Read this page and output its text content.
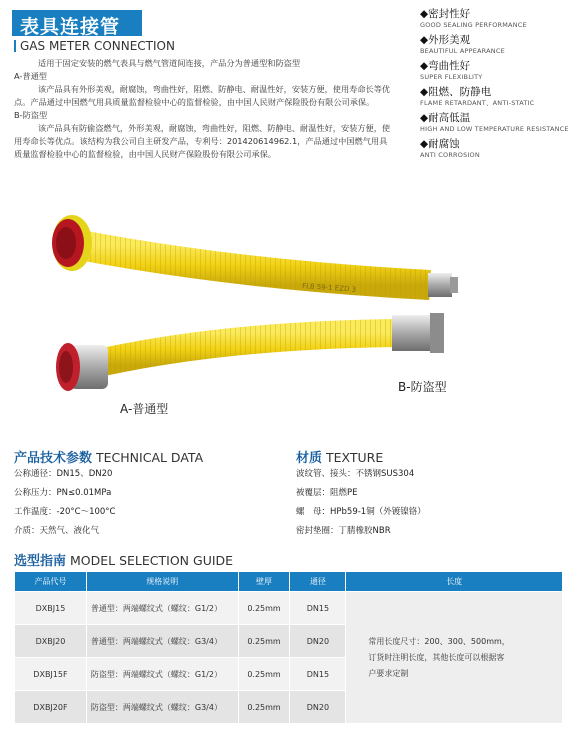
表具连接管
GAS METER CONNECTION

适用于固定安装的燃气表具与燃气管道间连接，产品分为普通型和防盗型

A-普通型

该产品具有外形美观，耐腐蚀，弯曲性好，阻燃、防静电、耐温性好，安装方便，使用寿命长等优点。产品通过中国燃气用具质量监督检验中心的监督检验，由中国人民财产保险股份有限公司承保。

B-防盗型

该产品具有防偷盗燃气，外形美观，耐腐蚀，弯曲性好，阻燃、防静电、耐温性好，安装方便，使用寿命长等优点。该结构为我公司自主研发产品，专利号：201420614962.1，产品通过中国燃气用具质量监督检验中心的监督检验，由中国人民财产保险股份有限公司承保。

◆密封性好
GOOD SEALING PERFORMANCE
◆外形美观
BEAUTIFUL APPEARANCE
◆弯曲性好
SUPER FLEXIBLITY
◆阻燃、防静电
FLAME RETARDANT、ANTI-STATIC
◆耐高低温
HIGH AND LOW TEMPERATURE RESISTANCE
◆耐腐蚀
ANTI CORROSION
FL8 59-1 EZD 3
A-普通型
B-防盗型
产品技术参数 TECHNICAL DATA
公称通径：DN15、DN20
公称压力：PN≤0.01MPa
工作温度：-20°C～100°C
介质：天然气、液化气
材质 TEXTURE
波纹管、接头：不锈钢SUS304
被覆层：阻燃PE
螺　母：HPb59-1铜（外镀镍铬）
密封垫圈：丁腈橡胶NBR
选型指南 MODEL SELECTION GUIDE
产品代号	规格说明	壁厚	通径	长度
DXBJ15	普通型：两端螺纹式（螺纹：G1/2）	0.25mm	DN15	常用长度尺寸：200、300、500mm，
订货时注明长度，其他长度可以根据客
户要求定制

DXBJ20	普通型：两端螺纹式（螺纹：G3/4）	0.25mm	DN20	
DXBJ15F	防盗型：两端螺纹式（螺纹：G1/2）	0.25mm	DN15	
DXBJ20F	防盗型：两端螺纹式（螺纹：G3/4）	0.25mm	DN20	
